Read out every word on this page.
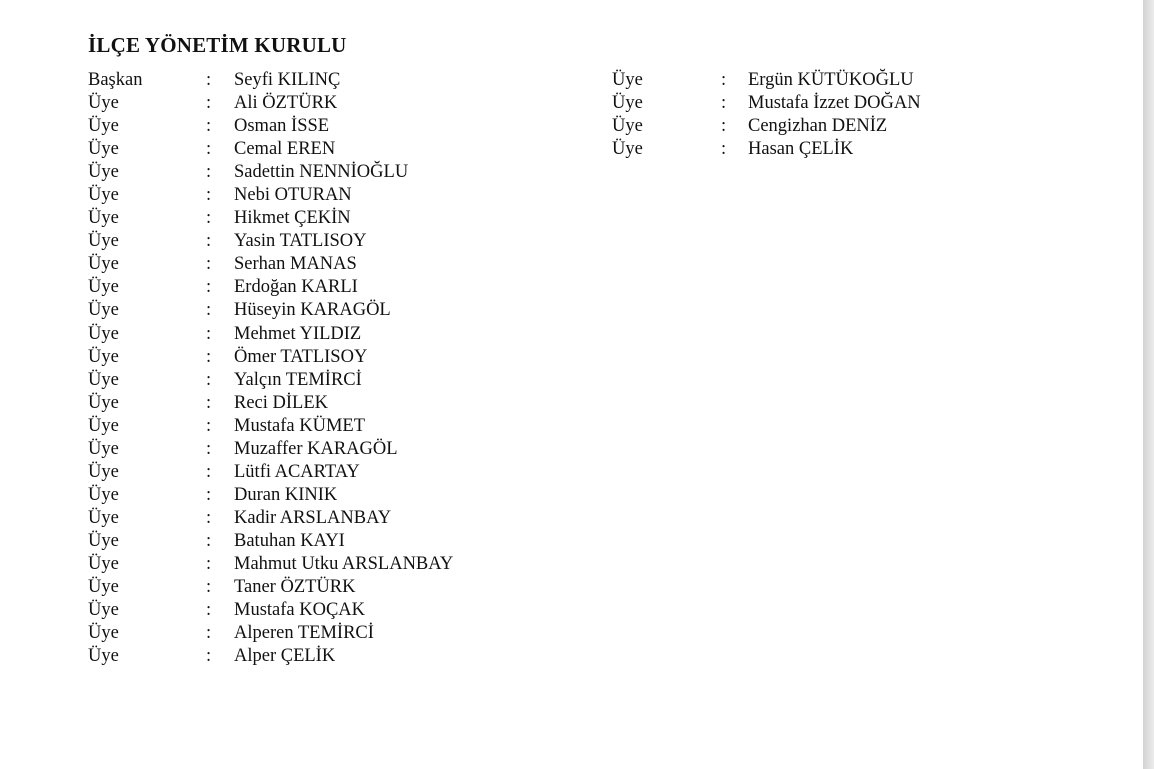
İLÇE YÖNETİM KURULU
Başkan	: Seyfi KILINÇ
Üye	: Ali ÖZTÜRK
Üye	: Osman İSSE
Üye	: Cemal EREN
Üye	: Sadettin NENNİOĞLU
Üye	: Nebi OTURAN
Üye	: Hikmet ÇEKİN
Üye	: Yasin TATLISOY
Üye	: Serhan MANAS
Üye	: Erdoğan KARLI
Üye	: Hüseyin KARAGÖL
Üye	: Mehmet YILDIZ
Üye	: Ömer TATLISOY
Üye	: Yalçın TEMİRCİ
Üye	: Reci DİLEK
Üye	: Mustafa KÜMET
Üye	: Muzaffer KARAGÖL
Üye	: Lütfi ACARTAY
Üye	: Duran KINIK
Üye	: Kadir ARSLANBAY
Üye	: Batuhan KAYI
Üye	: Mahmut Utku ARSLANBAY
Üye	: Taner ÖZTÜRK
Üye	: Mustafa KOÇAK
Üye	: Alperen TEMİRCİ
Üye	: Alper ÇELİK
Üye	: Ergün KÜTÜKOĞLU
Üye	: Mustafa İzzet DOĞAN
Üye	: Cengizhan DENİZ
Üye	: Hasan ÇELİK
